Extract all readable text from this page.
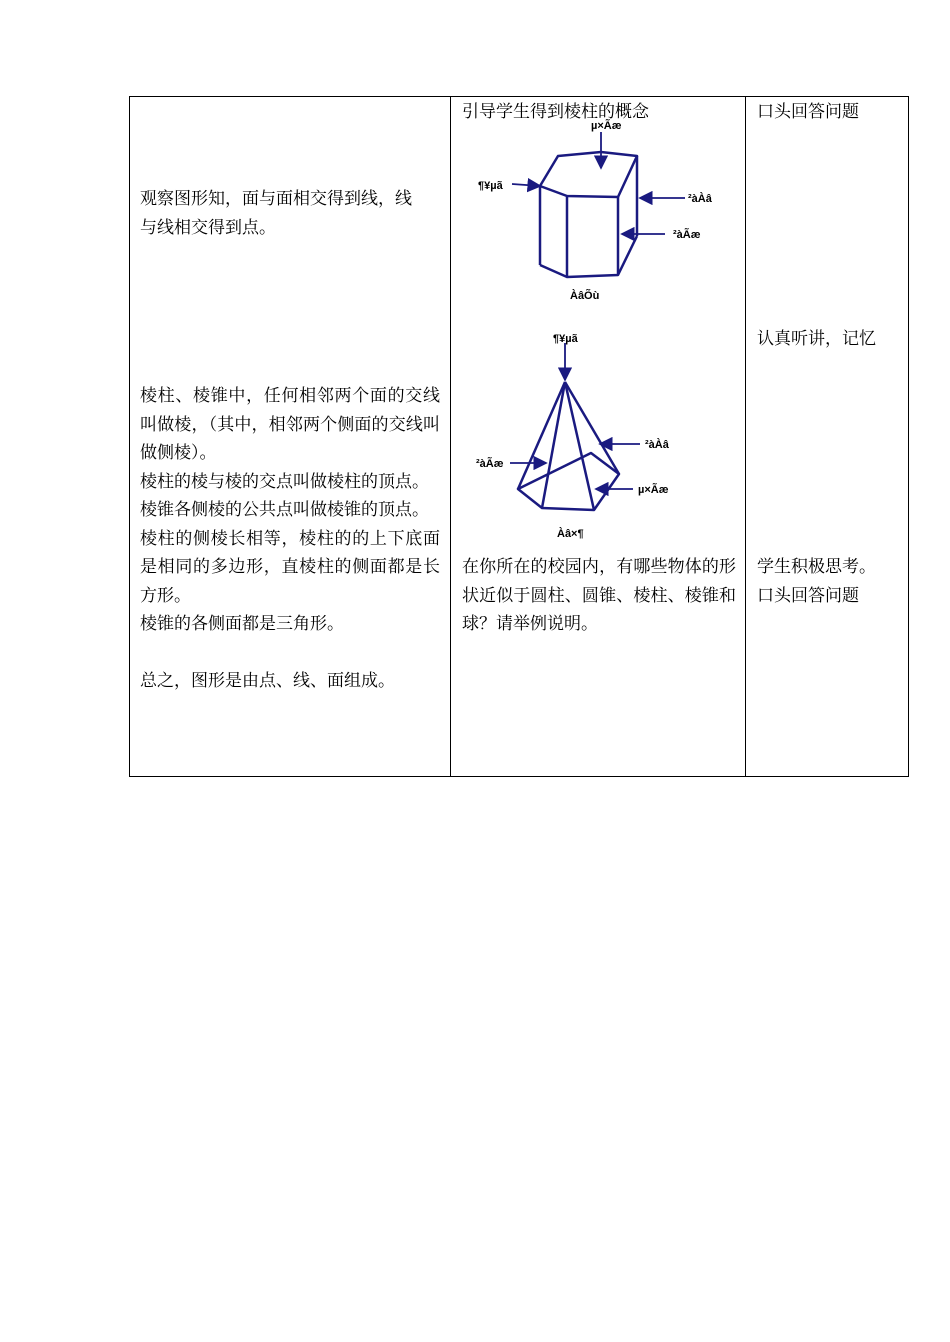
观察图形知，面与面相交得到线，线

与线相交得到点。

棱柱、棱锥中，任何相邻两个面的交线叫做棱，（其中，相邻两个侧面的交线叫做侧棱）。

棱柱的棱与棱的交点叫做棱柱的顶点。

棱锥各侧棱的公共点叫做棱锥的顶点。

棱柱的侧棱长相等，棱柱的的上下底面是相同的多边形，直棱柱的侧面都是长方形。

棱锥的各侧面都是三角形。

总之，图形是由点、线、面组成。

引导学生得到棱柱的概念

µ×Ãæ
¶¥µã
²àÀâ
²àÃæ
ÀâÕù
¶¥µã
²àÀâ
²àÃæ
µ×Ãæ
Àâ×¶

在你所在的校园内，有哪些物体的形状近似于圆柱、圆锥、棱柱、棱锥和球？请举例说明。

口头回答问题

认真听讲，记忆

学生积极思考。

口头回答问题
